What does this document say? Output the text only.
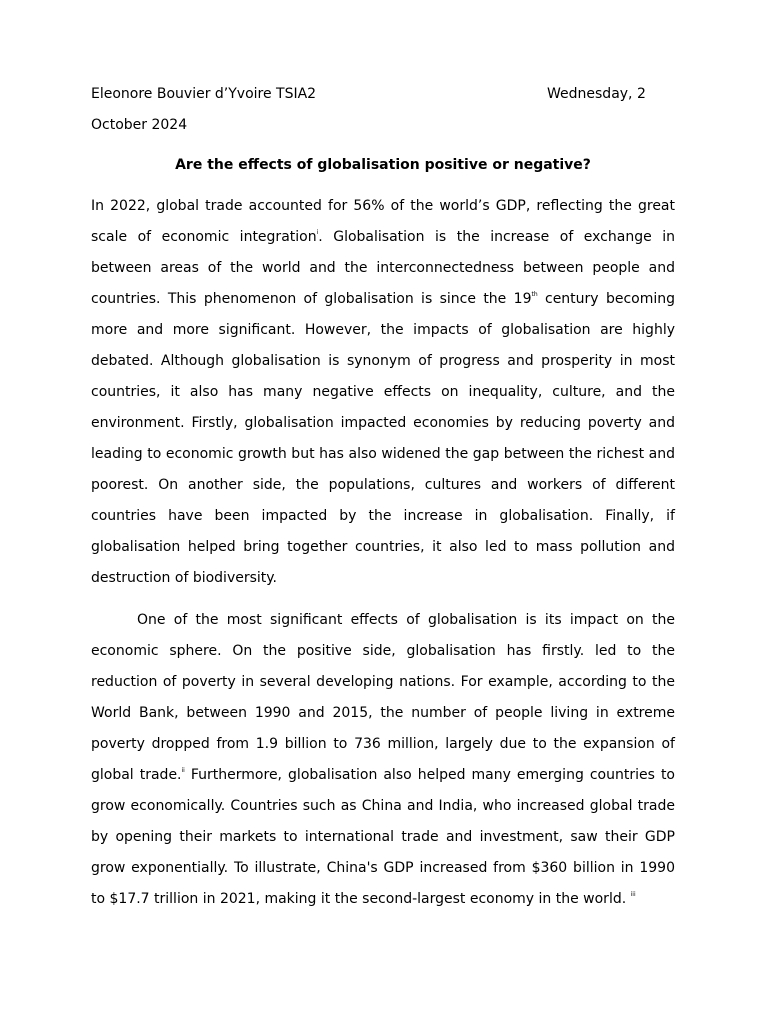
Eleonore Bouvier d’Yvoire TSIA2	Wednesday, 2
October 2024
Are the effects of globalisation positive or negative?

In 2022, global trade accounted for 56% of the world’s GDP, reflecting the great scale of economic integration$^i$. Globalisation is the increase of exchange in between areas of the world and the interconnectedness between people and countries. This phenomenon of globalisation is since the 19th century becoming more and more significant. However, the impacts of globalisation are highly debated. Although globalisation is synonym of progress and prosperity in most countries, it also has many negative effects on inequality, culture, and the environment. Firstly, globalisation impacted economies by reducing poverty and leading to economic growth but has also widened the gap between the richest and poorest. On another side, the populations, cultures and workers of different countries have been impacted by the increase in globalisation. Finally, if globalisation helped bring together countries, it also led to mass pollution and destruction of biodiversity.

One of the most significant effects of globalisation is its impact on the economic sphere. On the positive side, globalisation has firstly. led to the reduction of poverty in several developing nations. For example, according to the World Bank, between 1990 and 2015, the number of people living in extreme poverty dropped from 1.9 billion to 736 million, largely due to the expansion of global trade.$^{ii}$ Furthermore, globalisation also helped many emerging countries to grow economically. Countries such as China and India, who increased global trade by opening their markets to international trade and investment, saw their GDP grow exponentially. To illustrate, China's GDP increased from $360 billion in 1990 to $17.7 trillion in 2021, making it the second-largest economy in the world. $^{iii}$
